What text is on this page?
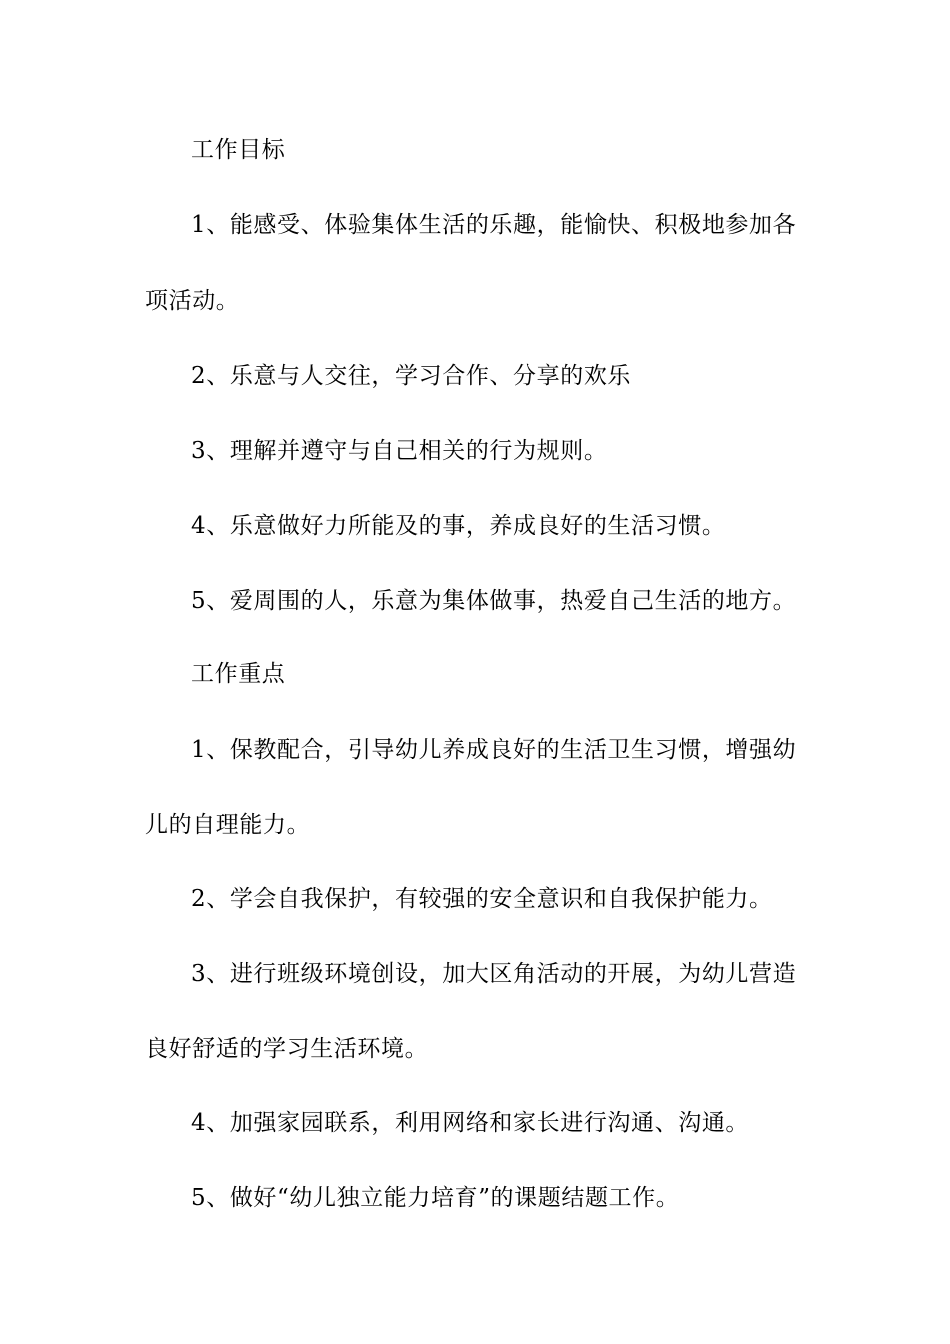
工作目标
1、能感受、体验集体生活的乐趣，能愉快、积极地参加各
项活动。
2、乐意与人交往，学习合作、分享的欢乐
3、理解并遵守与自己相关的行为规则。
4、乐意做好力所能及的事，养成良好的生活习惯。
5、爱周围的人，乐意为集体做事，热爱自己生活的地方。
工作重点
1、保教配合，引导幼儿养成良好的生活卫生习惯，增强幼
儿的自理能力。
2、学会自我保护，有较强的安全意识和自我保护能力。
3、进行班级环境创设，加大区角活动的开展，为幼儿营造
良好舒适的学习生活环境。
4、加强家园联系，利用网络和家长进行沟通、沟通。
5、做好“幼儿独立能力培育”的课题结题工作。
